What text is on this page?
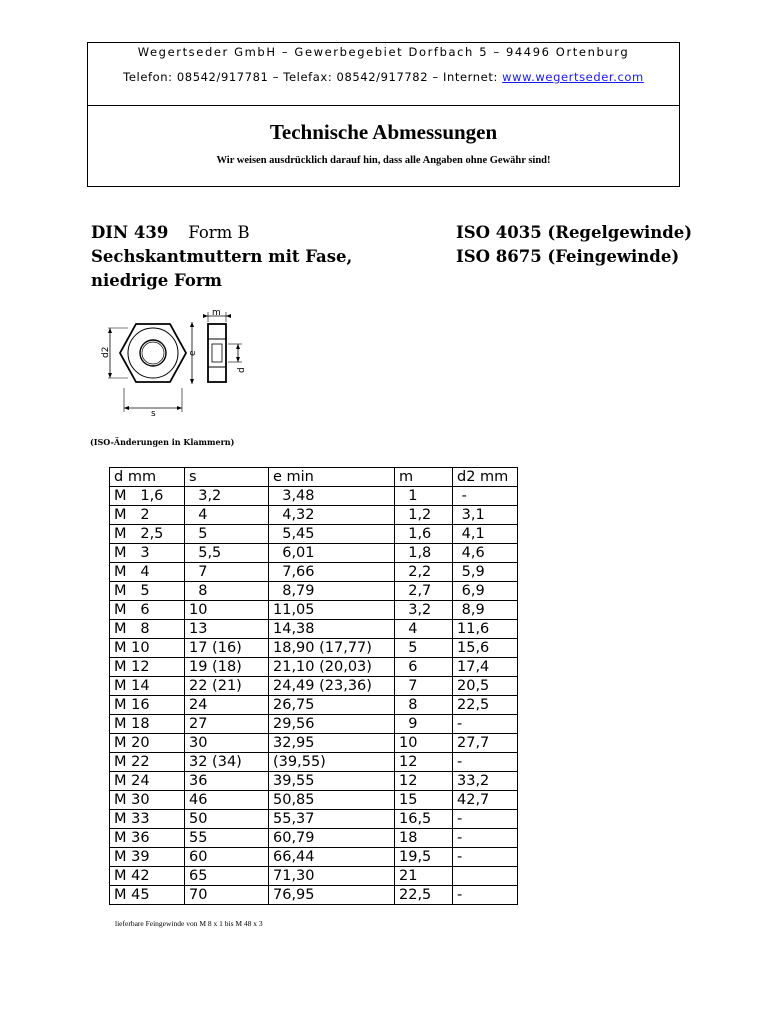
Wegertseder GmbH – Gewerbegebiet Dorfbach 5 – 94496 Ortenburg
Telefon: 08542/917781 – Telefax: 08542/917782 – Internet: www.wegertseder.com
Technische Abmessungen
Wir weisen ausdrücklich darauf hin, dass alle Angaben ohne Gewähr sind!
DIN 439 Form B
Sechskantmuttern mit Fase,
niedrige Form
ISO 4035 (Regelgewinde)
ISO 8675 (Feingewinde)
d2
s
e
m
d
(ISO-Änderungen in Klammern)
d mm	s	e min	m	d2 mm
M   1,6	3,2	3,48	1	-
M   2	4	4,32	1,2	3,1
M   2,5	5	5,45	1,6	4,1
M   3	5,5	6,01	1,8	4,6
M   4	7	7,66	2,2	5,9
M   5	8	8,79	2,7	6,9
M   6	10	11,05	3,2	8,9
M   8	13	14,38	4	11,6
M 10	17 (16)	18,90 (17,77)	5	15,6
M 12	19 (18)	21,10 (20,03)	6	17,4
M 14	22 (21)	24,49 (23,36)	7	20,5
M 16	24	26,75	8	22,5
M 18	27	29,56	9	-
M 20	30	32,95	10	27,7
M 22	32 (34)	(39,55)	12	-
M 24	36	39,55	12	33,2
M 30	46	50,85	15	42,7
M 33	50	55,37	16,5	-
M 36	55	60,79	18	-
M 39	60	66,44	19,5	-
M 42	65	71,30	21	
M 45	70	76,95	22,5	-
lieferbare Feingewinde von M 8 x 1 bis M 48 x 3
